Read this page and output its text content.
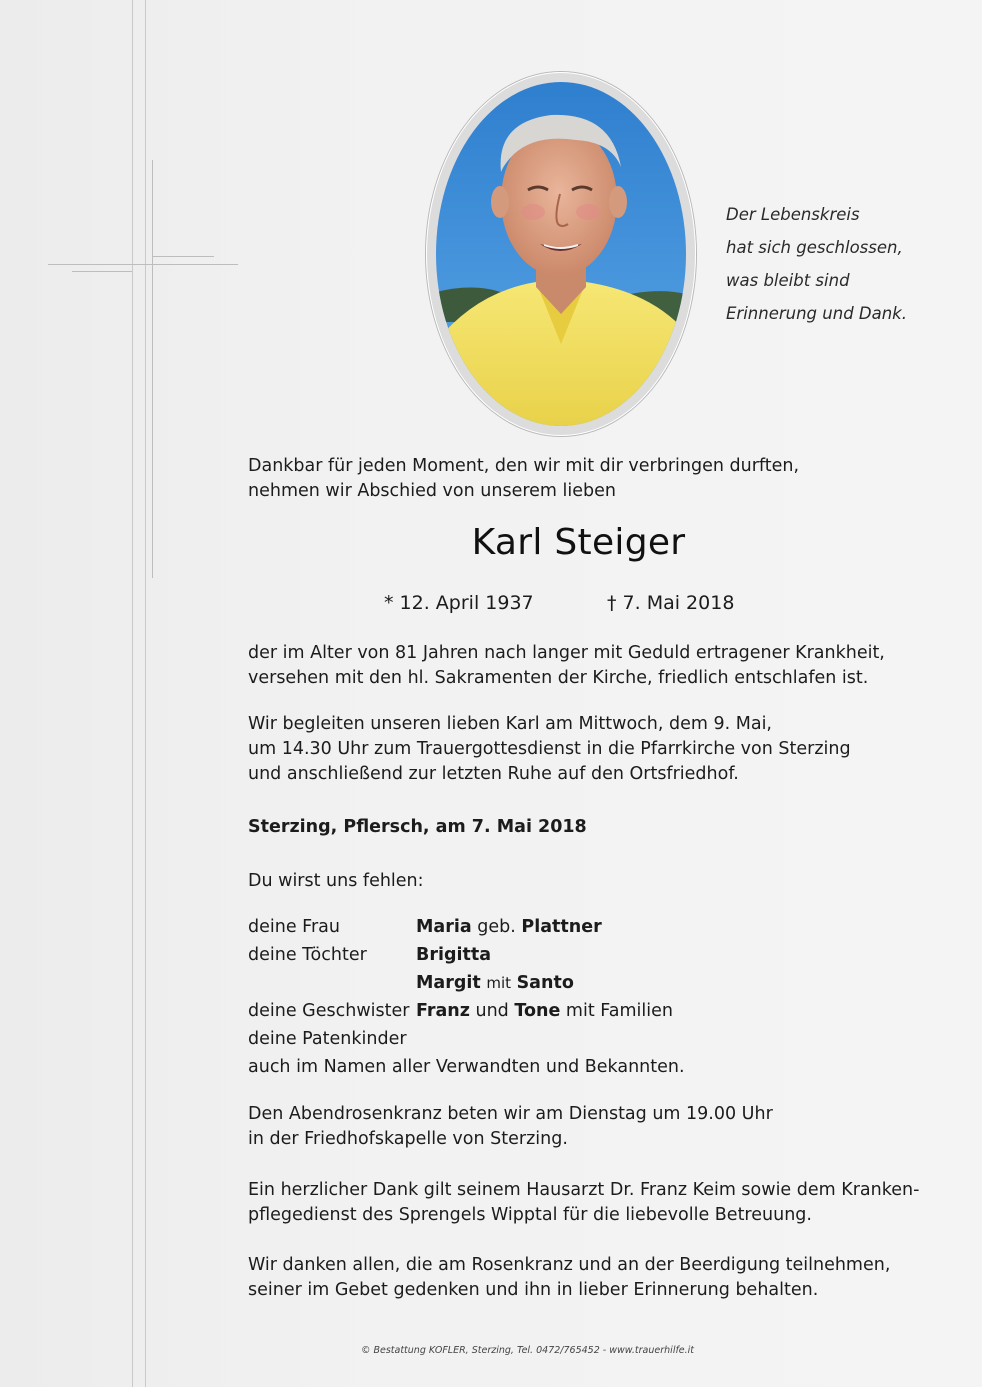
Der Lebenskreis
hat sich geschlossen,
was bleibt sind
Erinnerung und Dank.
Dankbar für jeden Moment, den wir mit dir verbringen durften,
nehmen wir Abschied von unserem lieben
Karl Steiger
* 12. April 1937	† 7. Mai 2018
der im Alter von 81 Jahren nach langer mit Geduld ertragener Krankheit,
versehen mit den hl. Sakramenten der Kirche, friedlich entschlafen ist.
Wir begleiten unseren lieben Karl am Mittwoch, dem 9. Mai,
um 14.30 Uhr zum Trauergottesdienst in die Pfarrkirche von Sterzing
und anschließend zur letzten Ruhe auf den Ortsfriedhof.
Sterzing, Pflersch, am 7. Mai 2018
Du wirst uns fehlen:
deine Frau	Maria geb. Plattner
deine Töchter	Brigitta
Margit mit Santo
deine Geschwister Franz und Tone mit Familien
deine Patenkinder
auch im Namen aller Verwandten und Bekannten.
Den Abendrosenkranz beten wir am Dienstag um 19.00 Uhr
in der Friedhofskapelle von Sterzing.
Ein herzlicher Dank gilt seinem Hausarzt Dr. Franz Keim sowie dem Kranken-
pflegedienst des Sprengels Wipptal für die liebevolle Betreuung.
Wir danken allen, die am Rosenkranz und an der Beerdigung teilnehmen,
seiner im Gebet gedenken und ihn in lieber Erinnerung behalten.
© Bestattung KOFLER, Sterzing, Tel. 0472/765452 - www.trauerhilfe.it
